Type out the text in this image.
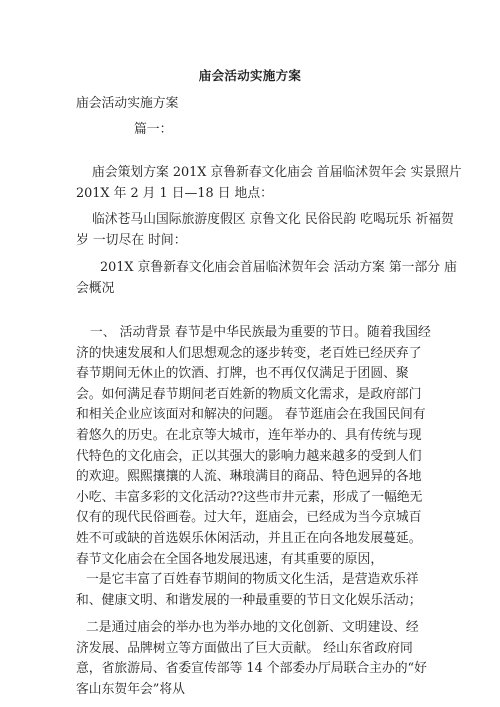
庙会活动实施方案
庙会活动实施方案
篇一：
庙会策划方案 201X 京鲁新春文化庙会 首届临沭贺年会 实景照片
201X 年 2 月 1 日—18 日 地点：
临沭苍马山国际旅游度假区 京鲁文化 民俗民韵 吃喝玩乐 祈福贺
岁 一切尽在 时间：
201X 京鲁新春文化庙会首届临沭贺年会 活动方案 第一部分 庙
会概况
一、 活动背景 春节是中华民族最为重要的节日。随着我国经济的快速发展和人们思想观念的逐步转变，老百姓已经厌弃了春节期间无休止的饮酒、打牌，也不再仅仅满足于团圆、聚会。如何满足春节期间老百姓新的物质文化需求，是政府部门和相关企业应该面对和解决的问题。 春节逛庙会在我国民间有着悠久的历史。在北京等大城市，连年举办的、具有传统与现代特色的文化庙会，正以其强大的影响力越来越多的受到人们的欢迎。熙熙攘攘的人流、琳琅满目的商品、特色迥异的各地小吃、丰富多彩的文化活动??这些市井元素，形成了一幅绝无仅有的现代民俗画卷。过大年，逛庙会，已经成为当今京城百姓不可或缺的首选娱乐休闲活动，并且正在向各地发展蔓延。 春节文化庙会在全国各地发展迅速，有其重要的原因，
一是它丰富了百姓春节期间的物质文化生活，是营造欢乐祥和、健康文明、和谐发展的一种最重要的节日文化娱乐活动；
二是通过庙会的举办也为举办地的文化创新、文明建设、经济发展、品牌树立等方面做出了巨大贡献。 经山东省政府同意，省旅游局、省委宣传部等 14 个部委办厅局联合主办的“好客山东贺年会”将从
